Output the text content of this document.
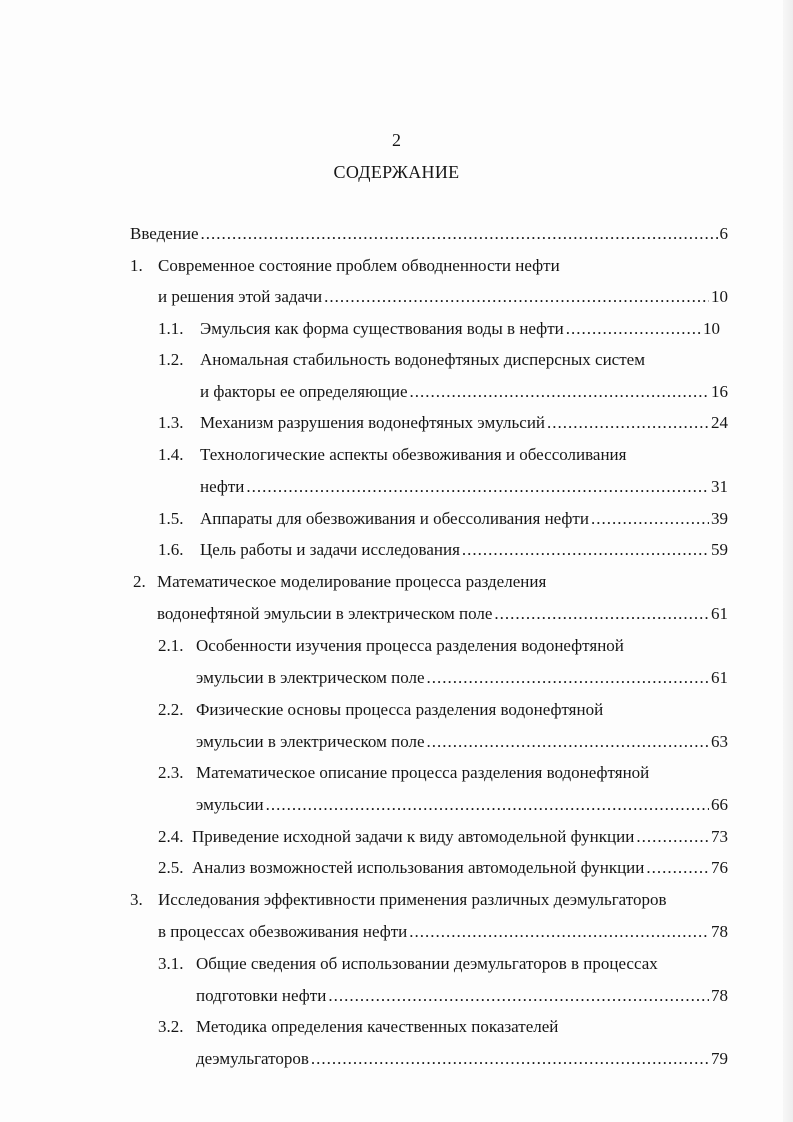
2
СОДЕРЖАНИЕ
Введение .....	6
1. Современное состояние проблем обводненности нефти
и решения этой задачи .....	10
1.1. Эмульсия как форма существования воды в нефти .....	10
1.2. Аномальная стабильность водонефтяных дисперсных систем
и факторы ее определяющие .....	16
1.3. Механизм разрушения водонефтяных эмульсий .....	24
1.4. Технологические аспекты обезвоживания и обессоливания
нефти .....	31
1.5. Аппараты для обезвоживания и обессоливания нефти .....	39
1.6. Цель работы и задачи исследования .....	59
2. Математическое моделирование процесса разделения
водонефтяной эмульсии в электрическом поле .....	61
2.1. Особенности изучения процесса разделения водонефтяной
эмульсии в электрическом поле .....	61
2.2. Физические основы процесса разделения водонефтяной
эмульсии в электрическом поле .....	63
2.3. Математическое описание процесса разделения водонефтяной
эмульсии .....	66
2.4. Приведение исходной задачи к виду автомодельной функции .....	73
2.5. Анализ возможностей использования автомодельной функции .....	76
3. Исследования эффективности применения различных деэмульгаторов
в процессах обезвоживания нефти .....	78
3.1. Общие сведения об использовании деэмульгаторов в процессах
подготовки нефти .....	78
3.2. Методика определения качественных показателей
деэмульгаторов .....	79
